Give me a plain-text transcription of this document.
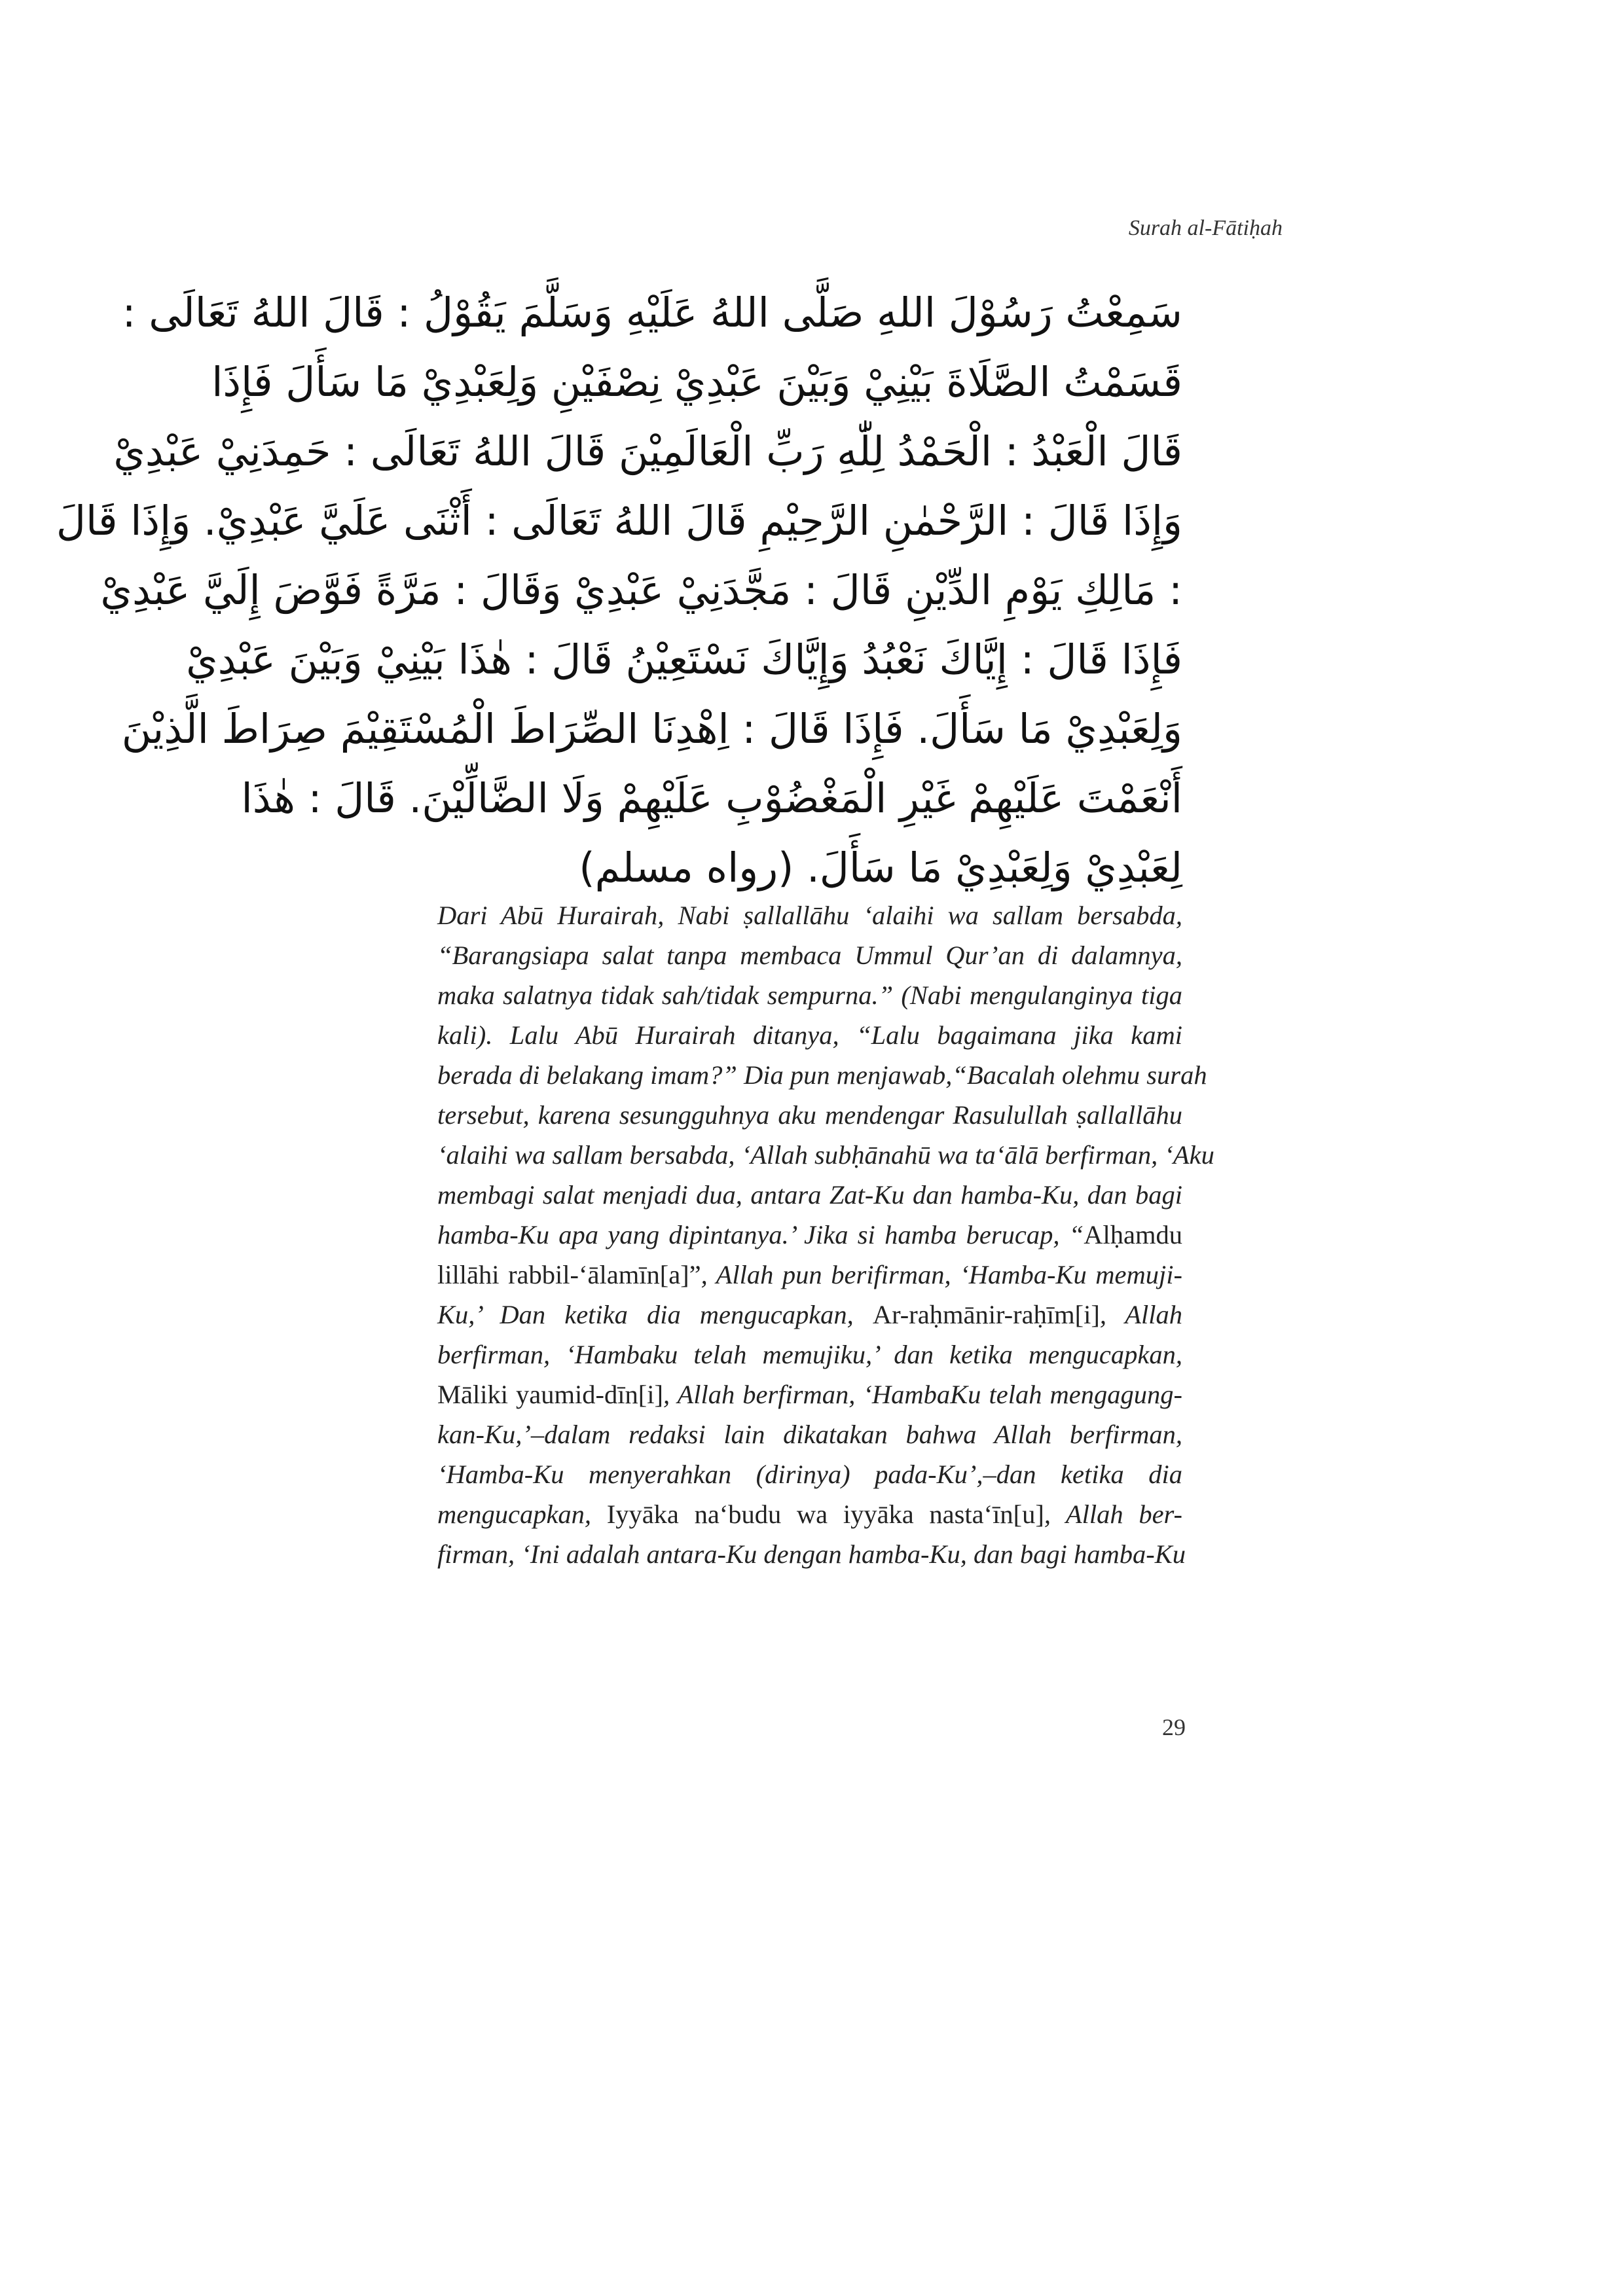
Surah al-Fātiḥah
سَمِعْتُ رَسُوْلَ اللهِ صَلَّى اللهُ عَلَيْهِ وَسَلَّمَ يَقُوْلُ : قَالَ اللهُ تَعَالَى :
قَسَمْتُ الصَّلَاةَ بَيْنِيْ وَبَيْنَ عَبْدِيْ نِصْفَيْنِ وَلِعَبْدِيْ مَا سَأَلَ فَإِذَا
قَالَ الْعَبْدُ : الْحَمْدُ لِلّٰهِ رَبِّ الْعَالَمِيْنَ قَالَ اللهُ تَعَالَى : حَمِدَنِيْ عَبْدِيْ
وَإِذَا قَالَ : الرَّحْمٰنِ الرَّحِيْمِ قَالَ اللهُ تَعَالَى : أَثْنَى عَلَيَّ عَبْدِيْ. وَإِذَا قَالَ
: مَالِكِ يَوْمِ الدِّيْنِ قَالَ : مَجَّدَنِيْ عَبْدِيْ وَقَالَ : مَرَّةً فَوَّضَ إِلَيَّ عَبْدِيْ
فَإِذَا قَالَ : إِيَّاكَ نَعْبُدُ وَإِيَّاكَ نَسْتَعِيْنُ قَالَ : هٰذَا بَيْنِيْ وَبَيْنَ عَبْدِيْ
وَلِعَبْدِيْ مَا سَأَلَ. فَإِذَا قَالَ : اِهْدِنَا الصِّرَاطَ الْمُسْتَقِيْمَ صِرَاطَ الَّذِيْنَ
أَنْعَمْتَ عَلَيْهِمْ غَيْرِ الْمَغْضُوْبِ عَلَيْهِمْ وَلَا الضَّالِّيْنَ. قَالَ : هٰذَا
لِعَبْدِيْ وَلِعَبْدِيْ مَا سَأَلَ. (رواه مسلم)
Dari Abū Hurairah, Nabi ṣallallāhu ‘alaihi wa sallam bersabda,
“Barangsiapa salat tanpa membaca Ummul Qur’an di dalamnya,
maka salatnya tidak sah/tidak sempurna.” (Nabi mengulanginya tiga
kali). Lalu Abū Hurairah ditanya, “Lalu bagaimana jika kami
berada di belakang imam?” Dia pun menjawab,“Bacalah olehmu surah
tersebut, karena sesungguhnya aku mendengar Rasulullah ṣallallāhu
‘alaihi wa sallam bersabda, ‘Allah subḥānahū wa ta‘ālā berfirman, ‘Aku
membagi salat menjadi dua, antara Zat-Ku dan hamba-Ku, dan bagi
hamba-Ku apa yang dipintanya.’ Jika si hamba berucap, “Alḥamdu
lillāhi rabbil-‘ālamīn[a]”, Allah pun berifirman, ‘Hamba-Ku memuji-
Ku,’ Dan ketika dia mengucapkan, Ar-raḥmānir-raḥīm[i], Allah
berfirman, ‘Hambaku telah memujiku,’ dan ketika mengucapkan,
Māliki yaumid-dīn[i], Allah berfirman, ‘HambaKu telah mengagung-
kan-Ku,’–dalam redaksi lain dikatakan bahwa Allah berfirman,
‘Hamba-Ku menyerahkan (dirinya) pada-Ku’,–dan ketika dia
mengucapkan, Iyyāka na‘budu wa iyyāka nasta‘īn[u], Allah ber-
firman, ‘Ini adalah antara-Ku dengan hamba-Ku, dan bagi hamba-Ku
29
